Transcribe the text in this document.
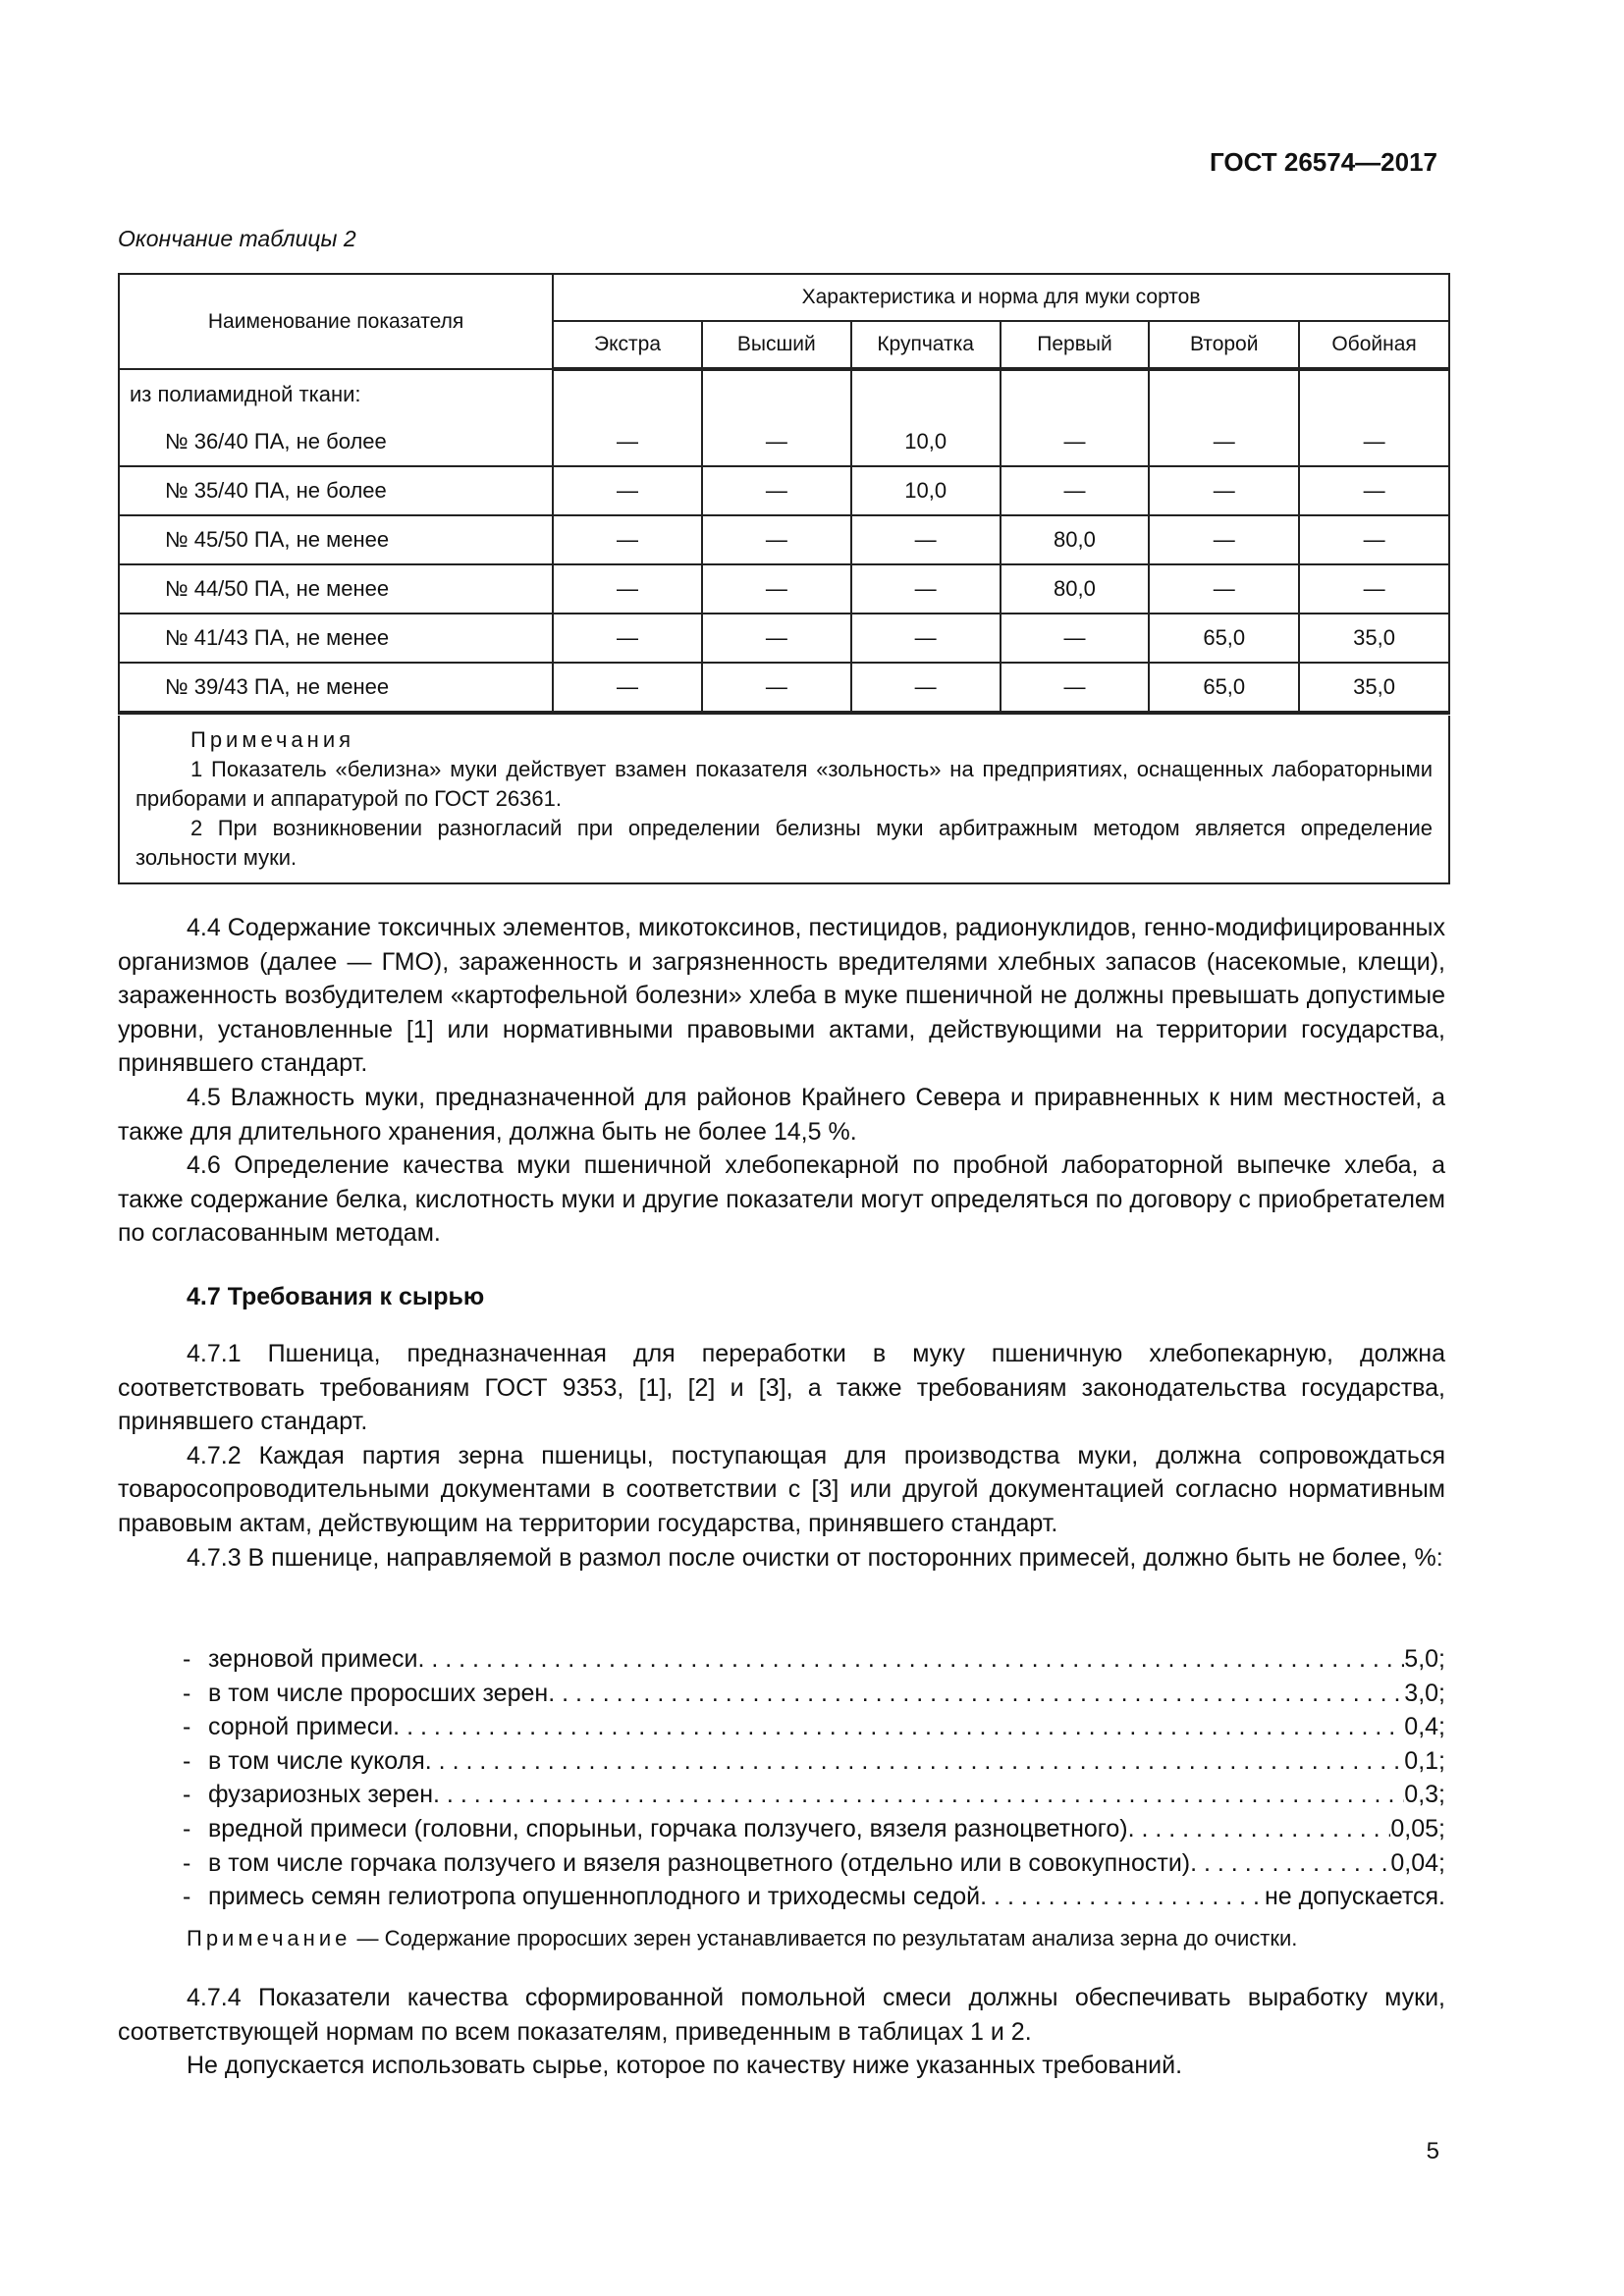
ГОСТ 26574—2017
Окончание таблицы 2
Наименование показателя	Характеристика и норма для муки сортов					
	Экстра	Высший	Крупчатка	Первый	Второй	Обойная
из полиамидной ткани:						
№ 36/40 ПА, не более	—	—	10,0	—	—	—
№ 35/40 ПА, не более	—	—	10,0	—	—	—
№ 45/50 ПА, не менее	—	—	—	80,0	—	—
№ 44/50 ПА, не менее	—	—	—	80,0	—	—
№ 41/43 ПА, не менее	—	—	—	—	65,0	35,0
№ 39/43 ПА, не менее	—	—	—	—	65,0	35,0

Примечания

1 Показатель «белизна» муки действует взамен показателя «зольность» на предприятиях, оснащенных лабораторными приборами и аппаратурой по ГОСТ 26361.

2 При возникновении разногласий при определении белизны муки арбитражным методом является определение зольности муки.

4.4 Содержание токсичных элементов, микотоксинов, пестицидов, радионуклидов, генно-модифицированных организмов (далее — ГМО), зараженность и загрязненность вредителями хлебных запасов (насекомые, клещи), зараженность возбудителем «картофельной болезни» хлеба в муке пшеничной не должны превышать допустимые уровни, установленные [1] или нормативными правовыми актами, действующими на территории государства, принявшего стандарт.

4.5 Влажность муки, предназначенной для районов Крайнего Севера и приравненных к ним местностей, а также для длительного хранения, должна быть не более 14,5 %.

4.6 Определение качества муки пшеничной хлебопекарной по пробной лабораторной выпечке хлеба, а также содержание белка, кислотность муки и другие показатели могут определяться по договору с приобретателем по согласованным методам.

4.7 Требования к сырью

4.7.1 Пшеница, предназначенная для переработки в муку пшеничную хлебопекарную, должна соответствовать требованиям ГОСТ 9353, [1], [2] и [3], а также требованиям законодательства государства, принявшего стандарт.

4.7.2 Каждая партия зерна пшеницы, поступающая для производства муки, должна сопровождаться товаросопроводительными документами в соответствии с [3] или другой документацией согласно нормативным правовым актам, действующим на территории государства, принявшего стандарт.

4.7.3 В пшенице, направляемой в размол после очистки от посторонних примесей, должно быть не более, %:

- зерновой примеси . . .	5,0;
- в том числе проросших зерен . . .	3,0;
- сорной примеси . . .	0,4;
- в том числе куколя . . .	0,1;
- фузариозных зерен . . .	0,3;
- вредной примеси (головни, спорыньи, горчака ползучего, вязеля разноцветного) . . .	0,05;
- в том числе горчака ползучего и вязеля разноцветного (отдельно или в совокупности) . . .	0,04;
- примесь семян гелиотропа опушенноплодного и триходесмы седой . . .	не допускается.
Примечание — Содержание проросших зерен устанавливается по результатам анализа зерна до очистки.

4.7.4 Показатели качества сформированной помольной смеси должны обеспечивать выработку муки, соответствующей нормам по всем показателям, приведенным в таблицах 1 и 2.

Не допускается использовать сырье, которое по качеству ниже указанных требований.

5
